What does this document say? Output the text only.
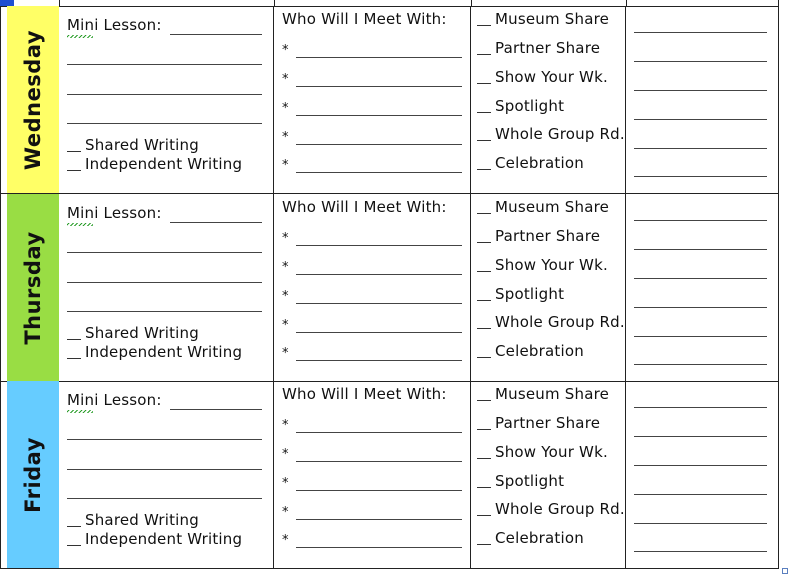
Wednesday
Mini Lesson:
Shared Writing
Independent Writing
Who Will I Meet With:
*
*
*
*
*
Museum Share
Partner Share
Show Your Wk.
Spotlight
Whole Group Rd.
Celebration
Thursday
Mini Lesson:
Shared Writing
Independent Writing
Who Will I Meet With:
*
*
*
*
*
Museum Share
Partner Share
Show Your Wk.
Spotlight
Whole Group Rd.
Celebration
Friday
Mini Lesson:
Shared Writing
Independent Writing
Who Will I Meet With:
*
*
*
*
*
Museum Share
Partner Share
Show Your Wk.
Spotlight
Whole Group Rd.
Celebration
